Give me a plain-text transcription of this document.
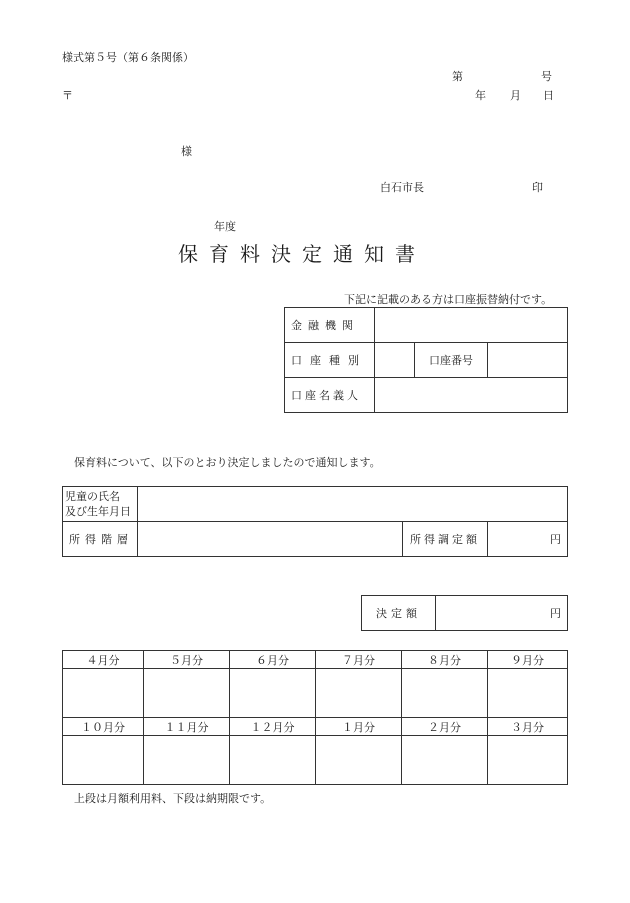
様式第５号（第６条関係）
第	号
〒	年 月 日
様
白石市長	印
年度
保育料決定通知書
下記に記載のある方は口座振替納付です。
金融機関			
口座種別		口座番号	
口座名義人			
保育料について、以下のとおり決定しましたので通知します。
児童の氏名
及び生年月日			

所得階層		所得調定額	円
決定額	円
４月分	５月分	６月分	７月分	８月分	９月分

１０月分	１１月分	１２月分	１月分	２月分	３月分

上段は月額利用料、下段は納期限です。
